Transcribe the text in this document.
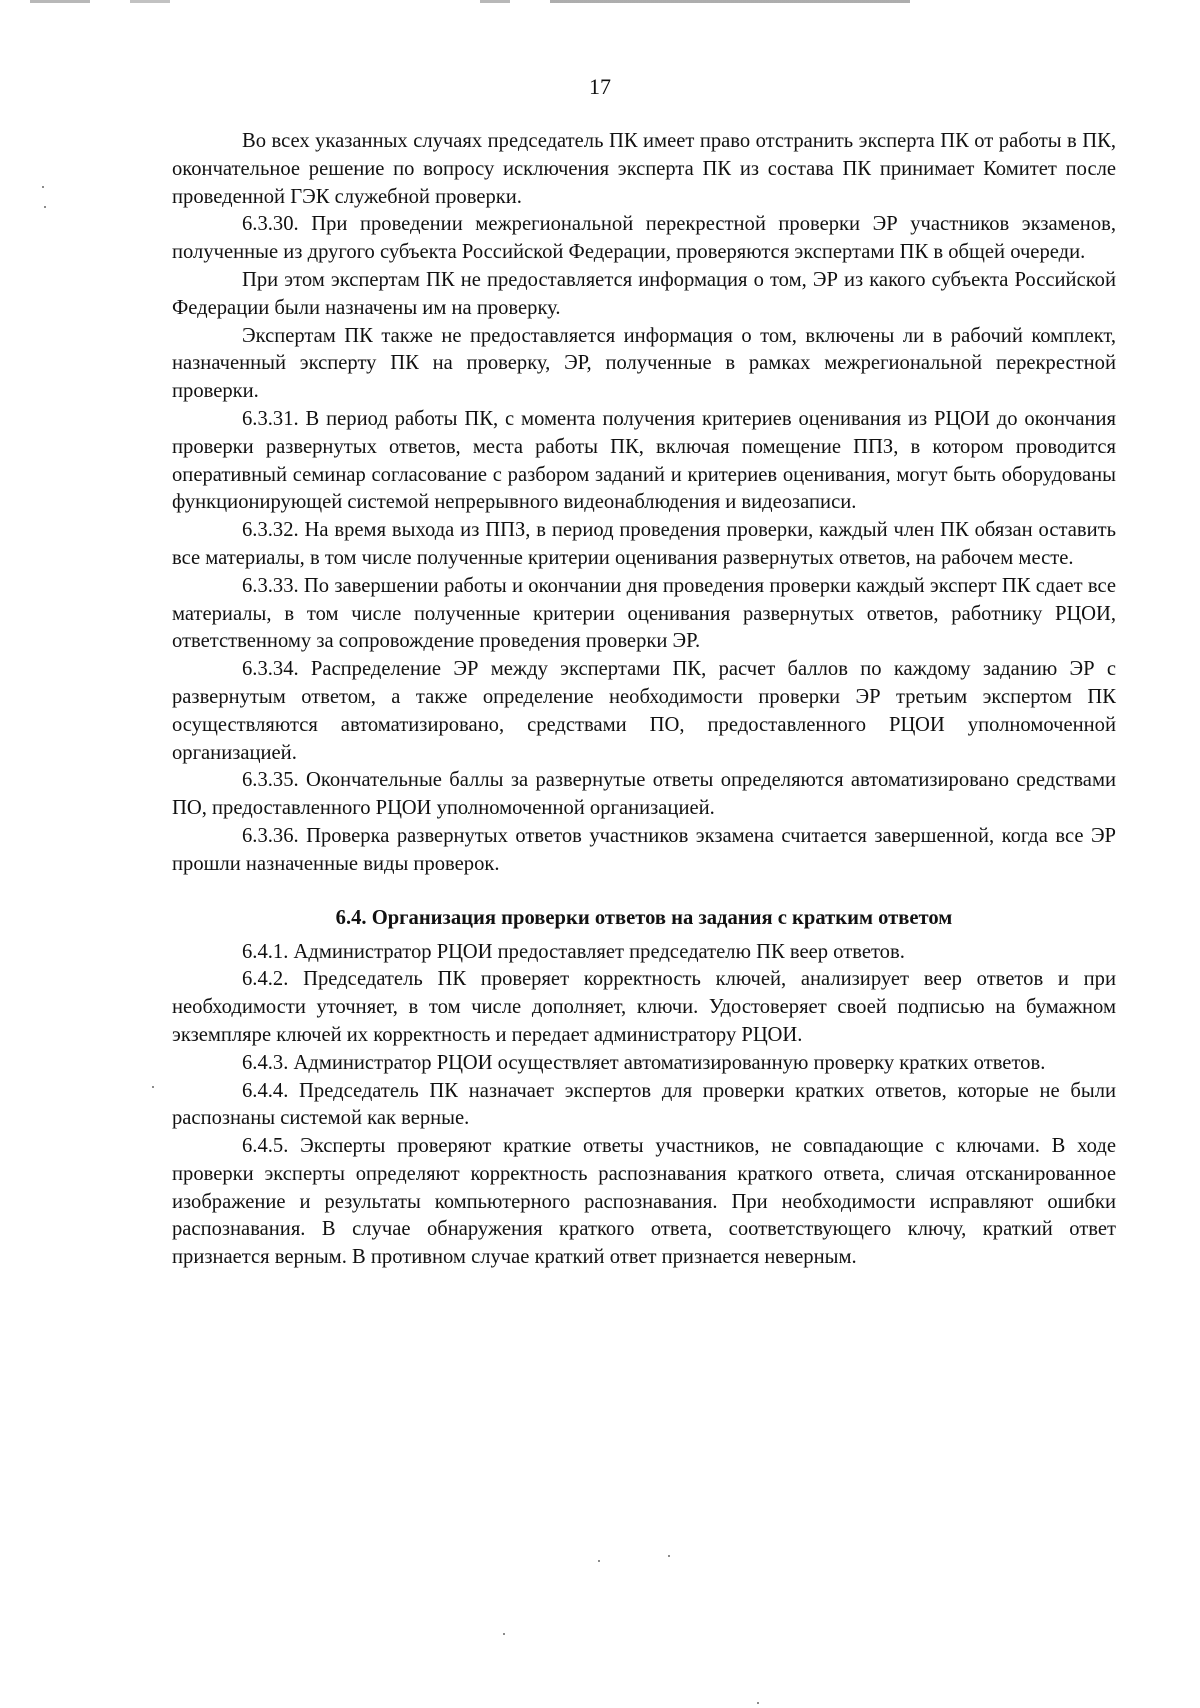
17

Во всех указанных случаях председатель ПК имеет право отстранить эксперта ПК от работы в ПК, окончательное решение по вопросу исключения эксперта ПК из состава ПК принимает Комитет после проведенной ГЭК служебной проверки.

6.3.30. При проведении межрегиональной перекрестной проверки ЭР участников экзаменов, полученные из другого субъекта Российской Федерации, проверяются экспертами ПК в общей очереди.

При этом экспертам ПК не предоставляется информация о том, ЭР из какого субъекта Российской Федерации были назначены им на проверку.

Экспертам ПК также не предоставляется информация о том, включены ли в рабочий комплект, назначенный эксперту ПК на проверку, ЭР, полученные в рамках межрегиональной перекрестной проверки.

6.3.31. В период работы ПК, с момента получения критериев оценивания из РЦОИ до окончания проверки развернутых ответов, места работы ПК, включая помещение ППЗ, в котором проводится оперативный семинар согласование с разбором заданий и критериев оценивания, могут быть оборудованы функционирующей системой непрерывного видеонаблюдения и видеозаписи.

6.3.32. На время выхода из ППЗ, в период проведения проверки, каждый член ПК обязан оставить все материалы, в том числе полученные критерии оценивания развернутых ответов, на рабочем месте.

6.3.33. По завершении работы и окончании дня проведения проверки каждый эксперт ПК сдает все материалы, в том числе полученные критерии оценивания развернутых ответов, работнику РЦОИ, ответственному за сопровождение проведения проверки ЭР.

6.3.34. Распределение ЭР между экспертами ПК, расчет баллов по каждому заданию ЭР с развернутым ответом, а также определение необходимости проверки ЭР третьим экспертом ПК осуществляются автоматизировано, средствами ПО, предоставленного РЦОИ уполномоченной организацией.

6.3.35. Окончательные баллы за развернутые ответы определяются автоматизировано средствами ПО, предоставленного РЦОИ уполномоченной организацией.

6.3.36. Проверка развернутых ответов участников экзамена считается завершенной, когда все ЭР прошли назначенные виды проверок.

6.4. Организация проверки ответов на задания с кратким ответом

6.4.1. Администратор РЦОИ предоставляет председателю ПК веер ответов.

6.4.2. Председатель ПК проверяет корректность ключей, анализирует веер ответов и при необходимости уточняет, в том числе дополняет, ключи. Удостоверяет своей подписью на бумажном экземпляре ключей их корректность и передает администратору РЦОИ.

6.4.3. Администратор РЦОИ осуществляет автоматизированную проверку кратких ответов.

6.4.4. Председатель ПК назначает экспертов для проверки кратких ответов, которые не были распознаны системой как верные.

6.4.5. Эксперты проверяют краткие ответы участников, не совпадающие с ключами. В ходе проверки эксперты определяют корректность распознавания краткого ответа, сличая отсканированное изображение и результаты компьютерного распознавания. При необходимости исправляют ошибки распознавания. В случае обнаружения краткого ответа, соответствующего ключу, краткий ответ признается верным. В противном случае краткий ответ признается неверным.
